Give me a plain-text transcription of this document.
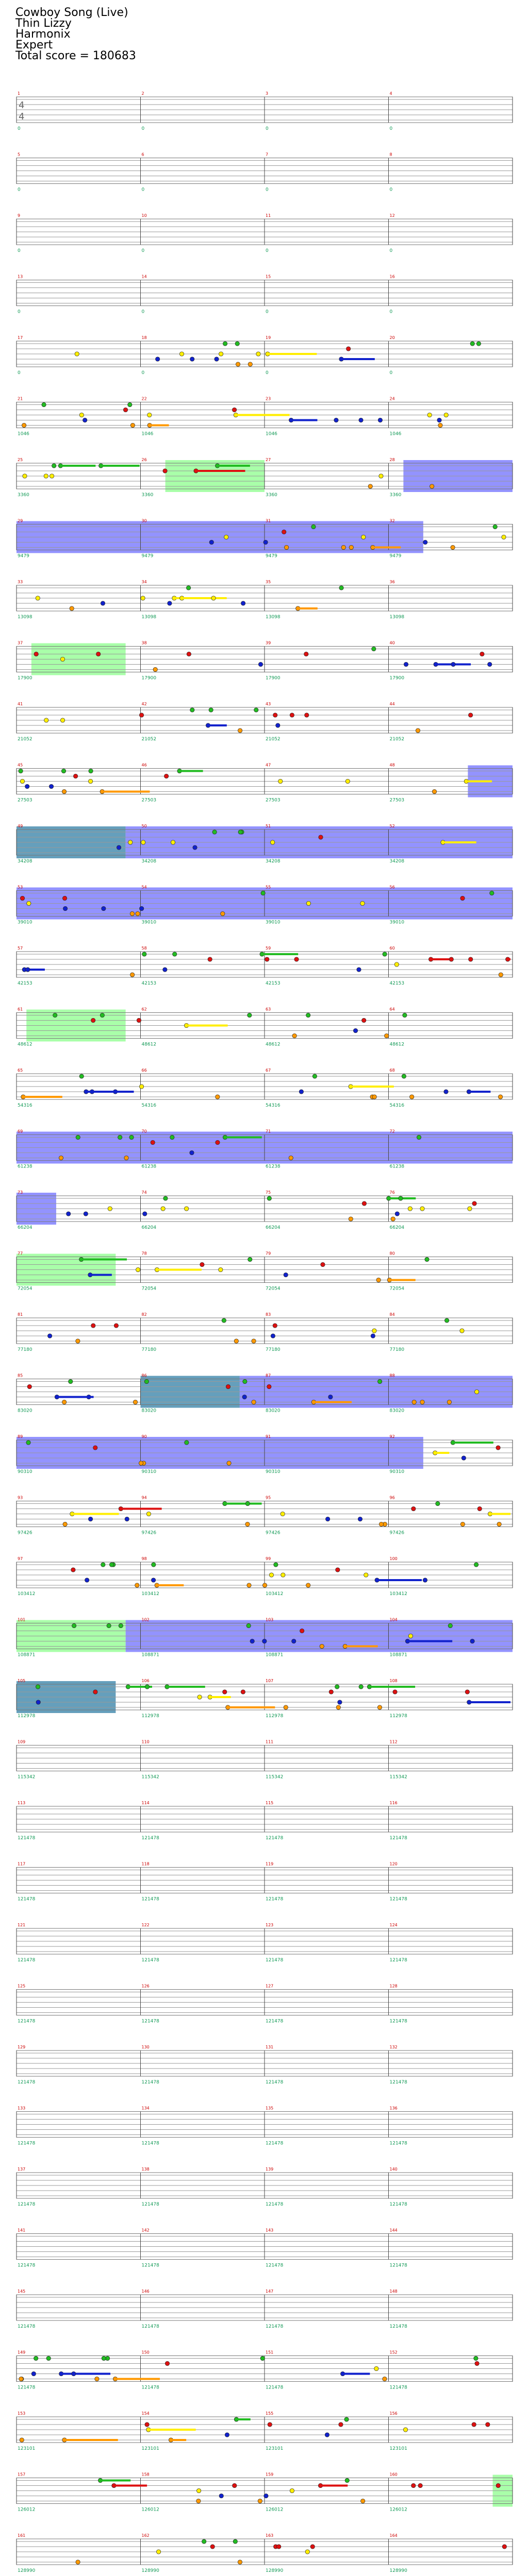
Cowboy Song (Live)
Thin Lizzy
Harmonix
Expert
Total score = 180683
1
0
2
0
3
0
4
0
4
4
5
0
6
0
7
0
8
0
9
0
10
0
11
0
12
0
13
0
14
0
15
0
16
0
17
0
18
0
19
0
20
0
21
1046
22
1046
23
1046
24
1046
25
3360
26
3360
27
3360
28
3360
29
9479
30
9479
31
9479
32
9479
33
13098
34
13098
35
13098
36
13098
37
17900
38
17900
39
17900
40
17900
41
21052
42
21052
43
21052
44
21052
45
27503
46
27503
47
27503
48
27503
49
34208
50
34208
51
34208
52
34208
53
39010
54
39010
55
39010
56
39010
57
42153
58
42153
59
42153
60
42153
61
48612
62
48612
63
48612
64
48612
65
54316
66
54316
67
54316
68
54316
69
61238
70
61238
71
61238
72
61238
73
66204
74
66204
75
66204
76
66204
77
72054
78
72054
79
72054
80
72054
81
77180
82
77180
83
77180
84
77180
85
83020
86
83020
87
83020
88
83020
89
90310
90
90310
91
90310
92
90310
93
97426
94
97426
95
97426
96
97426
97
103412
98
103412
99
103412
100
103412
101
108871
102
108871
103
108871
104
108871
105
112978
106
112978
107
112978
108
112978
109
115342
110
115342
111
115342
112
115342
113
121478
114
121478
115
121478
116
121478
117
121478
118
121478
119
121478
120
121478
121
121478
122
121478
123
121478
124
121478
125
121478
126
121478
127
121478
128
121478
129
121478
130
121478
131
121478
132
121478
133
121478
134
121478
135
121478
136
121478
137
121478
138
121478
139
121478
140
121478
141
121478
142
121478
143
121478
144
121478
145
121478
146
121478
147
121478
148
121478
149
121478
150
121478
151
121478
152
121478
153
123101
154
123101
155
123101
156
123101
157
126012
158
126012
159
126012
160
126012
161
128990
162
128990
163
128990
164
128990
